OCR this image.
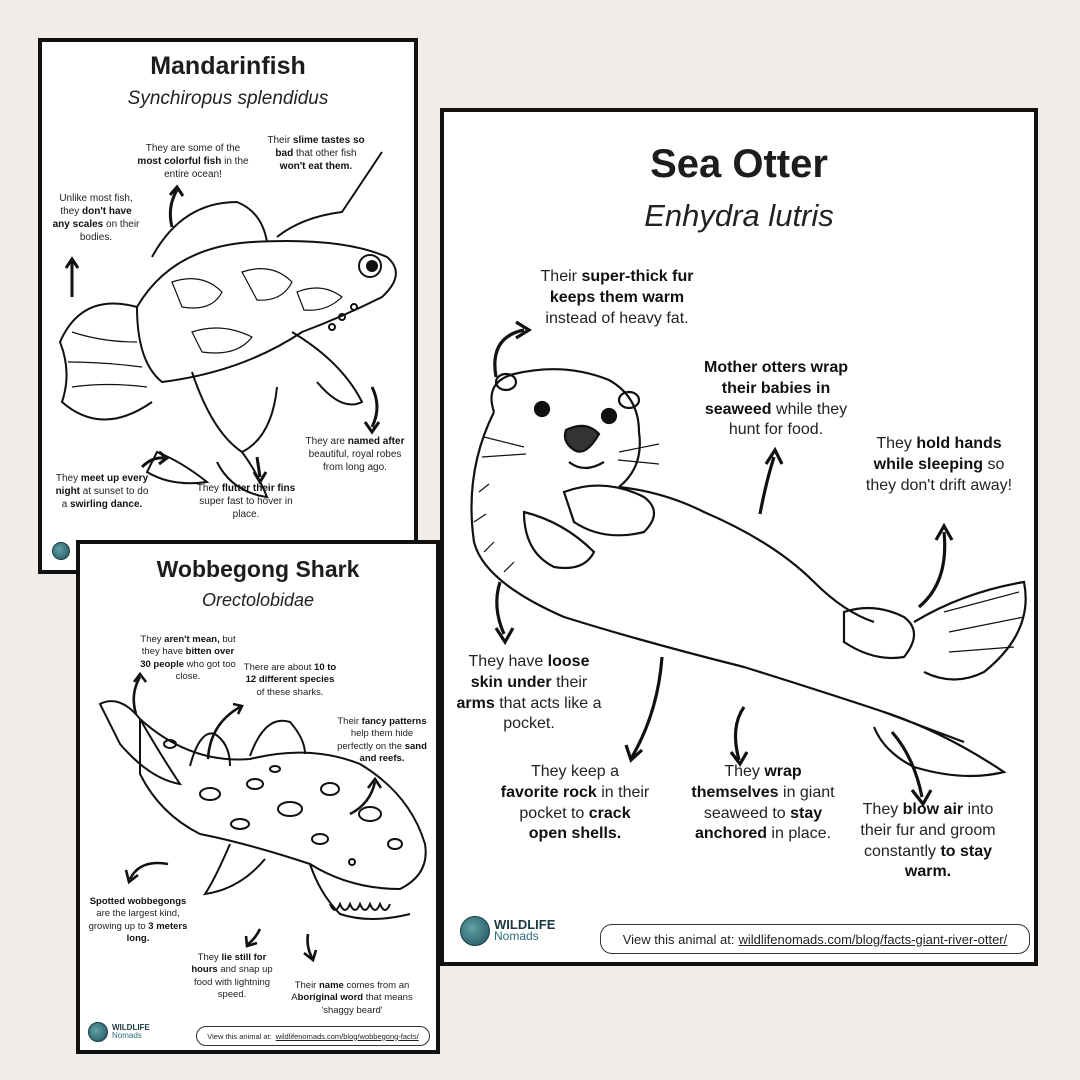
Mandarinfish
Synchiropus splendidus
They are some of the most colorful fish in the entire ocean!
Their slime tastes so bad that other fish won't eat them.
Unlike most fish, they don't have any scales on their bodies.
They are named after beautiful, royal robes from long ago.
They meet up every night at sunset to do a swirling dance.
They flutter their fins super fast to hover in place.
Sea Otter
Enhydra lutris
Their super-thick fur keeps them warm instead of heavy fat.
Mother otters wrap their babies in seaweed while they hunt for food.
They hold hands while sleeping so they don't drift away!
They have loose skin under their arms that acts like a pocket.
They keep a favorite rock in their pocket to crack open shells.
They wrap themselves in giant seaweed to stay anchored in place.
They blow air into their fur and groom constantly to stay warm.
WILDLIFE
Nomads	View this animal at: wildlifenomads.com/blog/facts-giant-river-otter/
Wobbegong Shark
Orectolobidae
They aren't mean, but they have bitten over 30 people who got too close.
There are about 10 to 12 different species of these sharks.
Their fancy patterns help them hide perfectly on the sand and reefs.
Spotted wobbegongs are the largest kind, growing up to 3 meters long.
They lie still for hours and snap up food with lightning speed.
Their name comes from an Aboriginal word that means 'shaggy beard'
WILDLIFE
Nomads	View this animal at: wildlifenomads.com/blog/wobbegong-facts/
